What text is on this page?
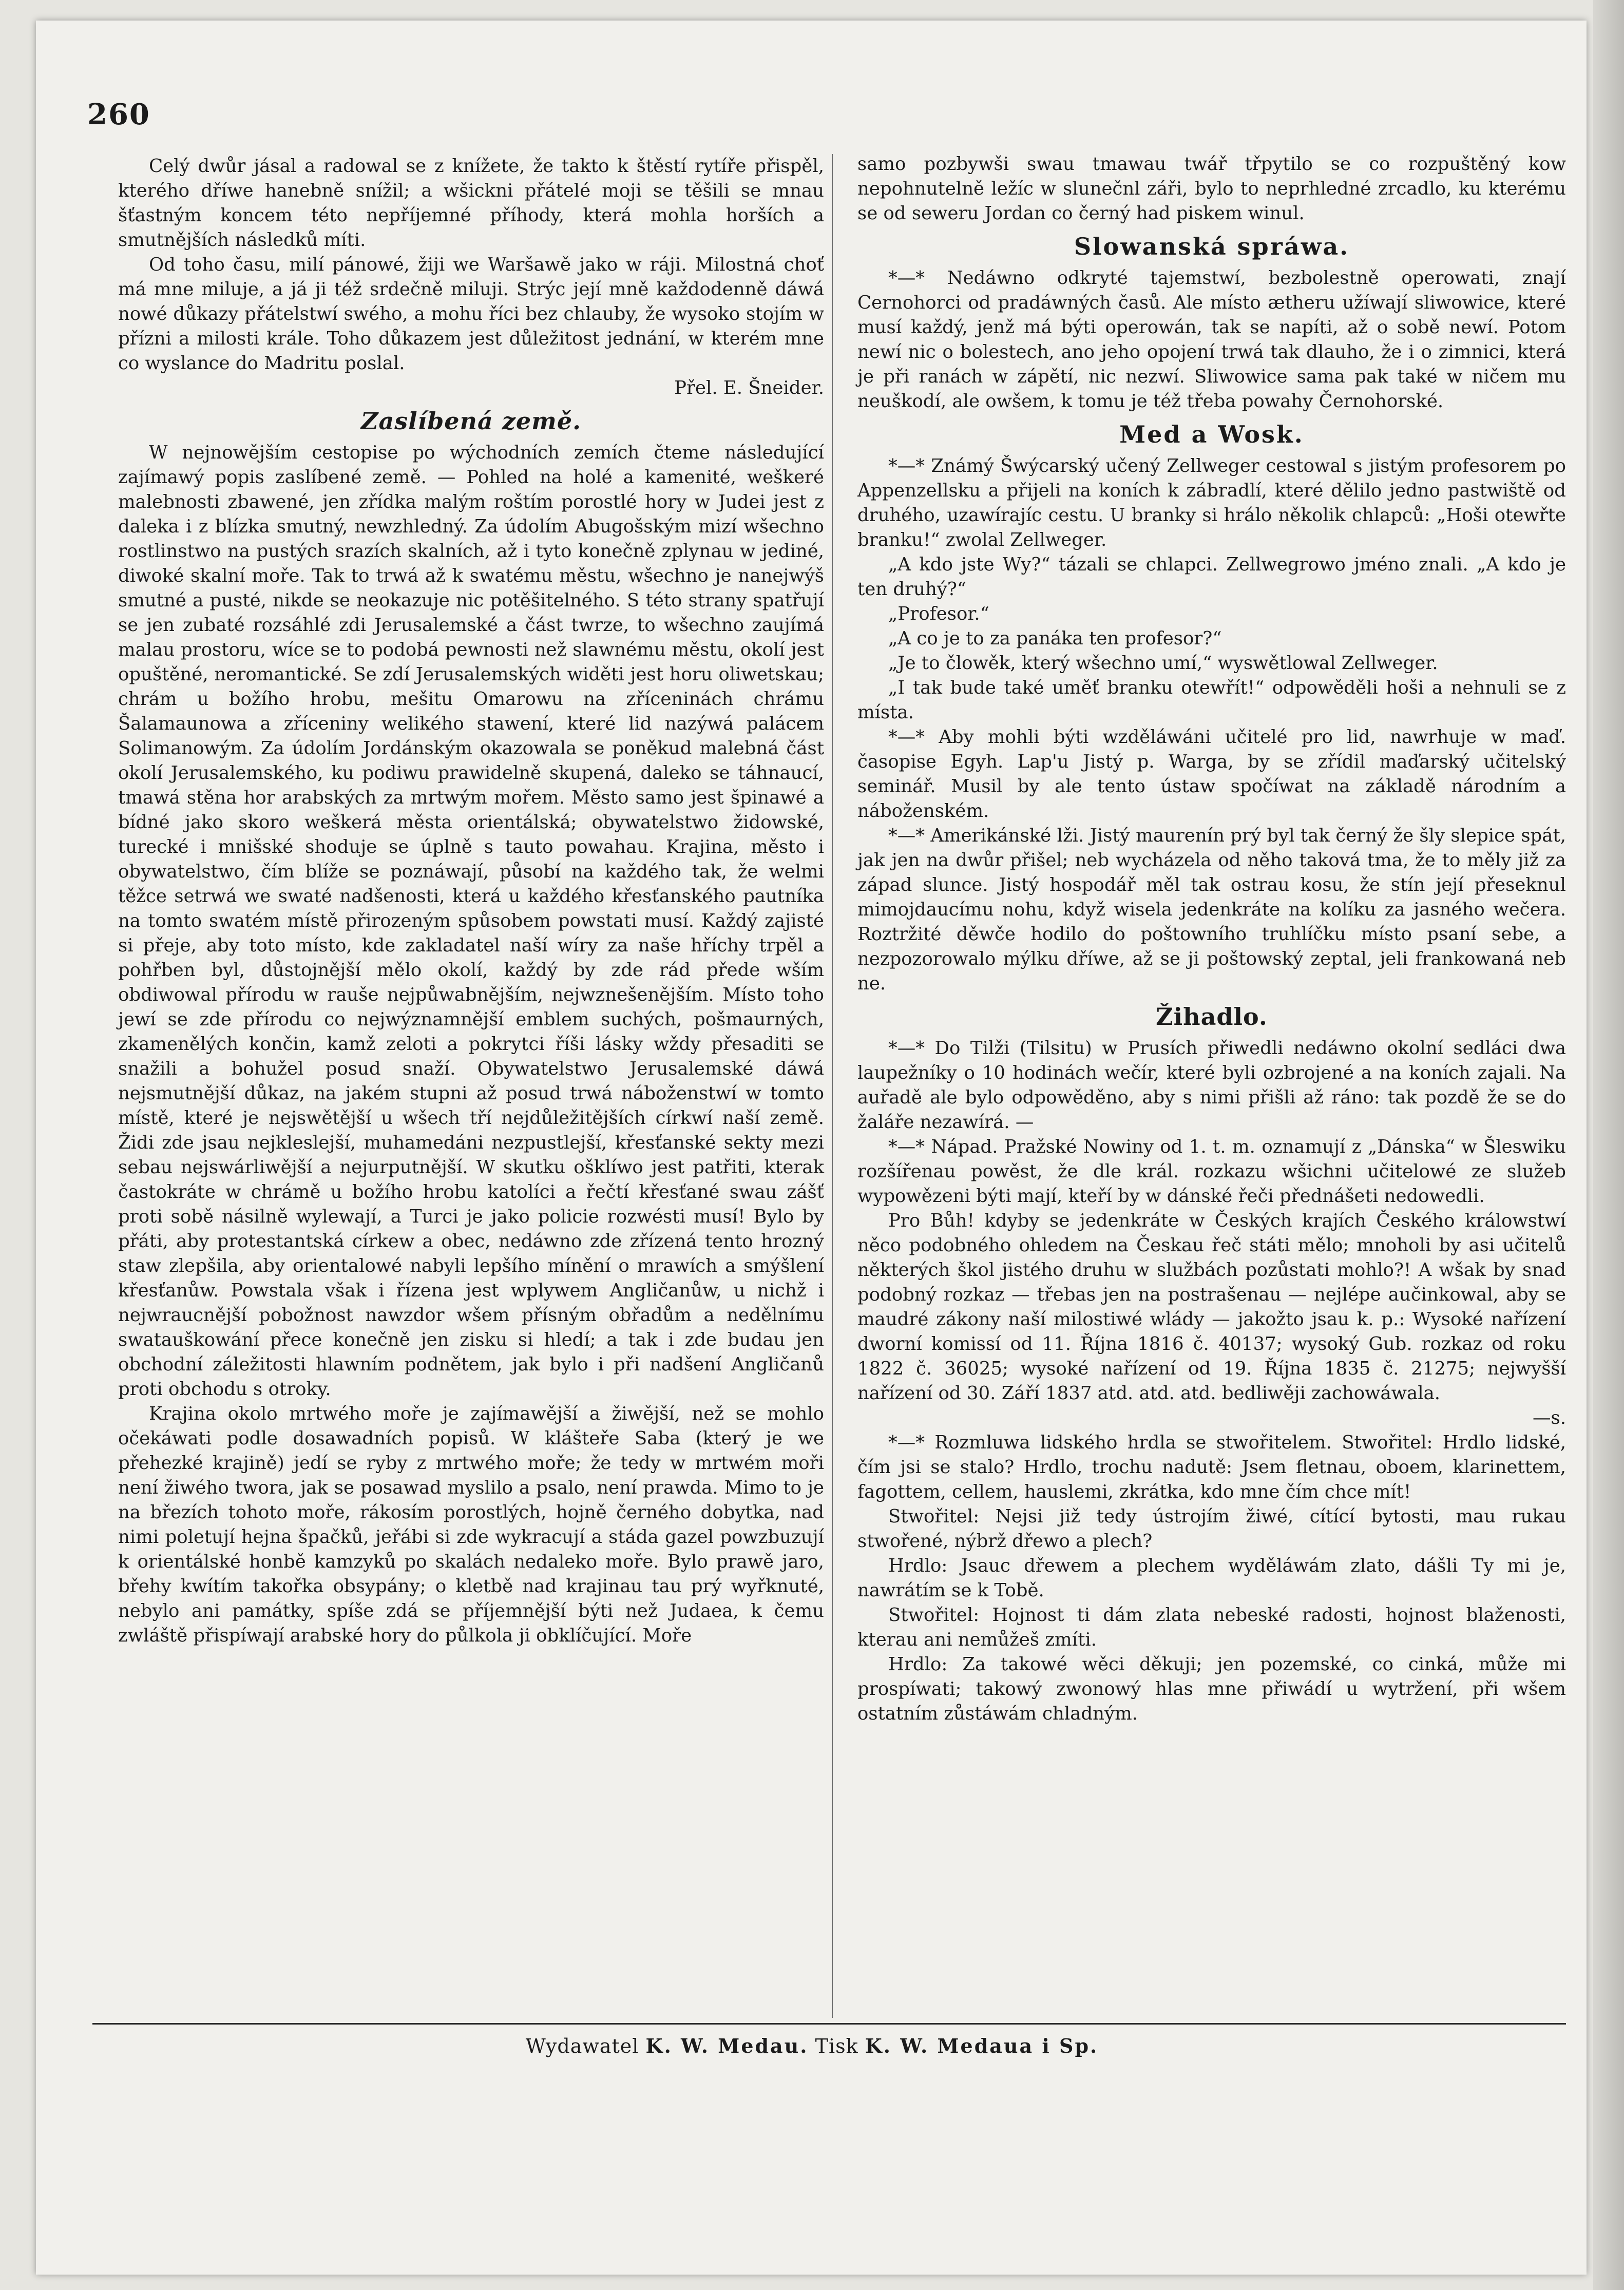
260

Celý dwůr jásal a radowal se z knížete, že takto k štěstí rytíře přispěl, kterého dříwe hanebně snížil; a wšickni přátelé moji se těšili se mnau šťastným koncem této nepříjemné příhody, která mohla horších a smutnějších následků míti.

Od toho času, milí pánowé, žiji we Waršawě jako w ráji. Milostná choť má mne miluje, a já ji též srdečně miluji. Strýc její mně každodenně dáwá nowé důkazy přátelstwí swého, a mohu říci bez chlauby, že wysoko stojím w přízni a milosti krále. Toho důkazem jest důležitost jednání, w kterém mne co wyslance do Madritu poslal.

Přel. E. Šneider.

Zaslíbená země.

W nejnowějším cestopise po wýchodních zemích čteme následující zajímawý popis zaslíbené země. — Pohled na holé a kamenité, weškeré malebnosti zbawené, jen zřídka malým roštím porostlé hory w Judei jest z daleka i z blízka smutný, newzhledný. Za údolím Abugošským mizí wšechno rostlinstwo na pustých srazích skalních, až i tyto konečně zplynau w jediné, diwoké skalní moře. Tak to trwá až k swatému městu, wšechno je nanejwýš smutné a pusté, nikde se neokazuje nic potěšitelného. S této strany spatřují se jen zubaté rozsáhlé zdi Jerusalemské a část twrze, to wšechno zaujímá malau prostoru, wíce se to podobá pewnosti než slawnému městu, okolí jest opuštěné, neromantické. Se zdí Jerusalemských widěti jest horu oliwetskau; chrám u božího hrobu, mešitu Omarowu na zříceninách chrámu Šalamaunowa a zříceniny welikého stawení, které lid nazýwá palácem Solimanowým. Za údolím Jordánským okazowala se poněkud malebná část okolí Jerusalemského, ku podiwu prawidelně skupená, daleko se táhnaucí, tmawá stěna hor arabských za mrtwým mořem. Město samo jest špinawé a bídné jako skoro weškerá města orientálská; obywatelstwo židowské, turecké i mnišské shoduje se úplně s tauto powahau. Krajina, město i obywatelstwo, čím blíže se poznáwají, působí na každého tak, že welmi těžce setrwá we swaté nadšenosti, která u každého křesťanského pautníka na tomto swatém místě přirozeným spůsobem powstati musí. Každý zajisté si přeje, aby toto místo, kde zakladatel naší wíry za naše hříchy trpěl a pohřben byl, důstojnější mělo okolí, každý by zde rád přede wším obdiwowal přírodu w rauše nejpůwabnějším, nejwznešenějším. Místo toho jewí se zde přírodu co nejwýznamnější emblem suchých, pošmaurných, zkamenělých končin, kamž zeloti a pokrytci říši lásky wždy přesaditi se snažili a bohužel posud snaží. Obywatelstwo Jerusalemské dáwá nejsmutnější důkaz, na jakém stupni až posud trwá náboženstwí w tomto místě, které je nejswětější u wšech tří nejdůležitějších církwí naší země. Židi zde jsau nejkleslejší, muhamedáni nezpustlejší, křesťanské sekty mezi sebau nejswárliwější a nejurputnější. W skutku ošklíwo jest patřiti, kterak častokráte w chrámě u božího hrobu katolíci a řečtí křesťané swau zášť proti sobě násilně wylewají, a Turci je jako policie rozwésti musí! Bylo by přáti, aby protestantská církew a obec, nedáwno zde zřízená tento hrozný staw zlepšila, aby orientalowé nabyli lepšího mínění o mrawích a smýšlení křesťanůw. Powstala však i řízena jest wplywem Angličanůw, u nichž i nejwraucnější pobožnost nawzdor wšem přísným obřadům a nedělnímu swatauškowání přece konečně jen zisku si hledí; a tak i zde budau jen obchodní záležitosti hlawním podnětem, jak bylo i při nadšení Angličanů proti obchodu s otroky.

Krajina okolo mrtwého moře je zajímawější a žiwější, než se mohlo očekáwati podle dosawadních popisů. W klášteře Saba (který je we přehezké krajině) jedí se ryby z mrtwého moře; že tedy w mrtwém moři není žiwého twora, jak se posawad myslilo a psalo, není prawda. Mimo to je na březích tohoto moře, rákosím porostlých, hojně černého dobytka, nad nimi poletují hejna špačků, jeřábi si zde wykracují a stáda gazel powzbuzují k orientálské honbě kamzyků po skalách nedaleko moře. Bylo prawě jaro, břehy kwítím takořka obsypány; o kletbě nad krajinau tau prý wyřknuté, nebylo ani památky, spíše zdá se příjemnější býti než Judaea, k čemu zwláště přispíwají arabské hory do půlkola ji obklíčující. Moře

samo pozbywši swau tmawau twář třpytilo se co rozpuštěný kow nepohnutelně ležíc w slunečnl záři, bylo to neprhledné zrcadlo, ku kterému se od seweru Jordan co černý had piskem winul.

Slowanská spráwa.

*—* Nedáwno odkryté tajemstwí, bezbolestně operowati, znají Cernohorci od pradáwných časů. Ale místo ætheru užíwají sliwowice, které musí každý, jenž má býti operowán, tak se napíti, až o sobě newí. Potom newí nic o bolestech, ano jeho opojení trwá tak dlauho, že i o zimnici, která je při ranách w zápětí, nic nezwí. Sliwowice sama pak také w ničem mu neuškodí, ale owšem, k tomu je též třeba powahy Černohorské.

Med a Wosk.

*—* Známý Šwýcarský učený Zellweger cestowal s jistým profesorem po Appenzellsku a přijeli na koních k zábradlí, které dělilo jedno pastwiště od druhého, uzawírajíc cestu. U branky si hrálo několik chlapců: „Hoši otewřte branku!“ zwolal Zellweger.

„A kdo jste Wy?“ tázali se chlapci. Zellwegrowo jméno znali. „A kdo je ten druhý?“

„Profesor.“

„A co je to za panáka ten profesor?“

„Je to člowěk, který wšechno umí,“ wyswětlowal Zellweger.

„I tak bude také uměť branku otewřít!“ odpowěděli hoši a nehnuli se z místa.

*—* Aby mohli býti wzděláwáni učitelé pro lid, nawrhuje w maď. časopise Egyh. Lap'u Jistý p. Warga, by se zřídil maďarský učitelský seminář. Musil by ale tento ústaw spočíwat na základě národním a náboženském.

*—* Amerikánské lži. Jistý maurenín prý byl tak černý že šly slepice spát, jak jen na dwůr přišel; neb wycházela od něho taková tma, že to měly již za západ slunce. Jistý hospodář měl tak ostrau kosu, že stín její přeseknul mimojdaucímu nohu, když wisela jedenkráte na kolíku za jasného wečera. Roztržité děwče hodilo do poštowního truhlíčku místo psaní sebe, a nezpozorowalo mýlku dříwe, až se ji poštowský zeptal, jeli frankowaná neb ne.

Žihadlo.

*—* Do Tilži (Tilsitu) w Prusích přiwedli nedáwno okolní sedláci dwa laupežníky o 10 hodinách wečír, které byli ozbrojené a na koních zajali. Na auřadě ale bylo odpowěděno, aby s nimi přišli až ráno: tak pozdě že se do žaláře nezawírá. —

*—* Nápad. Pražské Nowiny od 1. t. m. oznamují z „Dánska“ w Šleswiku rozšířenau powěst, že dle král. rozkazu wšichni učitelowé ze služeb wypowězeni býti mají, kteří by w dánské řeči přednášeti nedowedli.

Pro Bůh! kdyby se jedenkráte w Českých krajích Českého králowstwí něco podobného ohledem na Českau řeč státi mělo; mnoholi by asi učitelů některých škol jistého druhu w službách pozůstati mohlo?! A wšak by snad podobný rozkaz — třebas jen na postrašenau — nejlépe aučinkowal, aby se maudré zákony naší milostiwé wlády — jakožto jsau k. p.: Wysoké nařízení dworní komissí od 11. Října 1816 č. 40137; wysoký Gub. rozkaz od roku 1822 č. 36025; wysoké nařízení od 19. Října 1835 č. 21275; nejwyšší nařízení od 30. Září 1837 atd. atd. atd. bedliwěji zachowáwala.

—s.

*—* Rozmluwa lidského hrdla se stwořitelem. Stwořitel: Hrdlo lidské, čím jsi se stalo? Hrdlo, trochu nadutě: Jsem fletnau, oboem, klarinettem, fagottem, cellem, hauslemi, zkrátka, kdo mne čím chce mít!

Stwořitel: Nejsi již tedy ústrojím žiwé, cítící bytosti, mau rukau stwořené, nýbrž dřewo a plech?

Hrdlo: Jsauc dřewem a plechem wyděláwám zlato, dášli Ty mi je, nawrátím se k Tobě.

Stwořitel: Hojnost ti dám zlata nebeské radosti, hojnost blaženosti, kterau ani nemůžeš zmíti.

Hrdlo: Za takowé wěci děkuji; jen pozemské, co cinká, může mi prospíwati; takowý zwonowý hlas mne přiwádí u wytržení, při wšem ostatním zůstáwám chladným.

Wydawatel K. W. Medau. Tisk K. W. Medaua i Sp.
